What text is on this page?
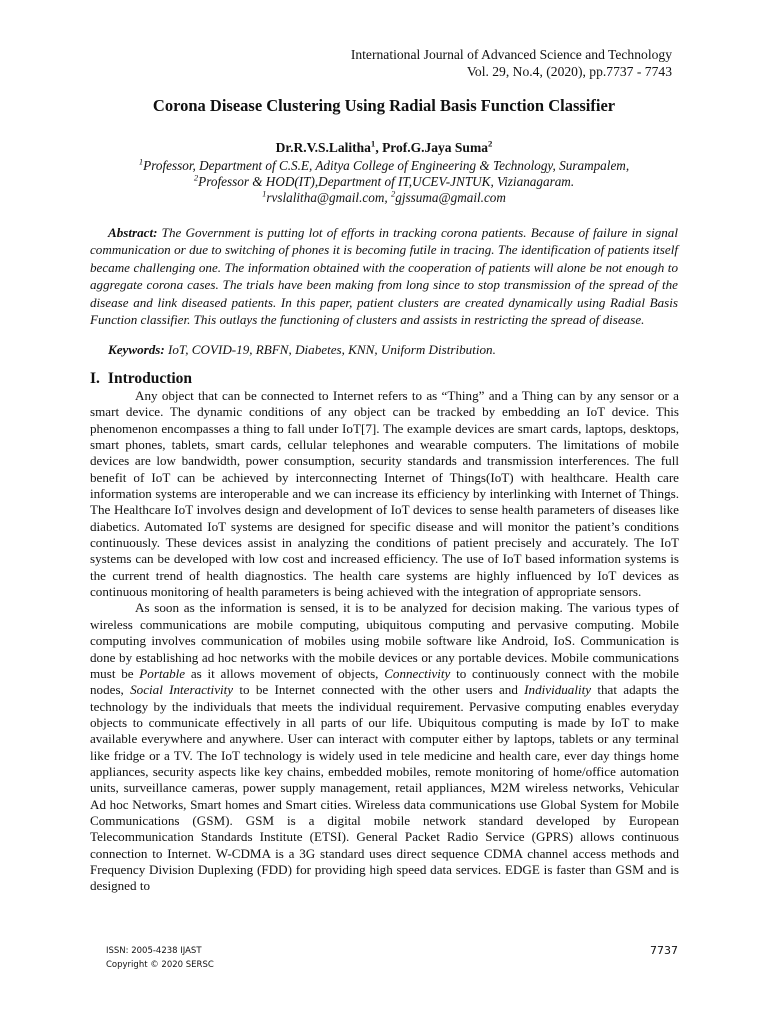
International Journal of Advanced Science and Technology
Vol. 29, No.4, (2020), pp.7737 - 7743
Corona Disease Clustering Using Radial Basis Function Classifier
Dr.R.V.S.Lalitha$^1$, Prof.G.Jaya Suma$^2$
$^1$Professor, Department of C.S.E, Aditya College of Engineering & Technology, Surampalem,
$^2$Professor & HOD(IT),Department of IT,UCEV-JNTUK, Vizianagaram.
$^1$rvslalitha@gmail.com, $^2$gjssuma@gmail.com
Abstract: The Government is putting lot of efforts in tracking corona patients. Because of failure in signal communication or due to switching of phones it is becoming futile in tracing. The identification of patients itself became challenging one. The information obtained with the cooperation of patients will alone be not enough to aggregate corona cases. The trials have been making from long since to stop transmission of the spread of the disease and link diseased patients. In this paper, patient clusters are created dynamically using Radial Basis Function classifier. This outlays the functioning of clusters and assists in restricting the spread of disease.
Keywords: IoT, COVID-19, RBFN, Diabetes, KNN, Uniform Distribution.
I. Introduction

Any object that can be connected to Internet refers to as “Thing” and a Thing can by any sensor or a smart device. The dynamic conditions of any object can be tracked by embedding an IoT device. This phenomenon encompasses a thing to fall under IoT[7]. The example devices are smart cards, laptops, desktops, smart phones, tablets, smart cards, cellular telephones and wearable computers. The limitations of mobile devices are low bandwidth, power consumption, security standards and transmission interferences. The full benefit of IoT can be achieved by interconnecting Internet of Things(IoT) with healthcare. Health care information systems are interoperable and we can increase its efficiency by interlinking with Internet of Things. The Healthcare IoT involves design and development of IoT devices to sense health parameters of diseases like diabetics. Automated IoT systems are designed for specific disease and will monitor the patient’s conditions continuously. These devices assist in analyzing the conditions of patient precisely and accurately. The IoT systems can be developed with low cost and increased efficiency. The use of IoT based information systems is the current trend of health diagnostics. The health care systems are highly influenced by IoT devices as continuous monitoring of health parameters is being achieved with the integration of appropriate sensors.

As soon as the information is sensed, it is to be analyzed for decision making. The various types of wireless communications are mobile computing, ubiquitous computing and pervasive computing. Mobile computing involves communication of mobiles using mobile software like Android, IoS. Communication is done by establishing ad hoc networks with the mobile devices or any portable devices. Mobile communications must be Portable as it allows movement of objects, Connectivity to continuously connect with the mobile nodes, Social Interactivity to be Internet connected with the other users and Individuality that adapts the technology by the individuals that meets the individual requirement. Pervasive computing enables everyday objects to communicate effectively in all parts of our life. Ubiquitous computing is made by IoT to make available everywhere and anywhere. User can interact with computer either by laptops, tablets or any terminal like fridge or a TV. The IoT technology is widely used in tele medicine and health care, ever day things home appliances, security aspects like key chains, embedded mobiles, remote monitoring of home/office automation units, surveillance cameras, power supply management, retail appliances, M2M wireless networks, Vehicular Ad hoc Networks, Smart homes and Smart cities. Wireless data communications use Global System for Mobile Communications (GSM). GSM is a digital mobile network standard developed by European Telecommunication Standards Institute (ETSI). General Packet Radio Service (GPRS) allows continuous connection to Internet. W-CDMA is a 3G standard uses direct sequence CDMA channel access methods and Frequency Division Duplexing (FDD) for providing high speed data services. EDGE is faster than GSM and is designed to

ISSN: 2005-4238 IJAST
Copyright © 2020 SERSC
7737
